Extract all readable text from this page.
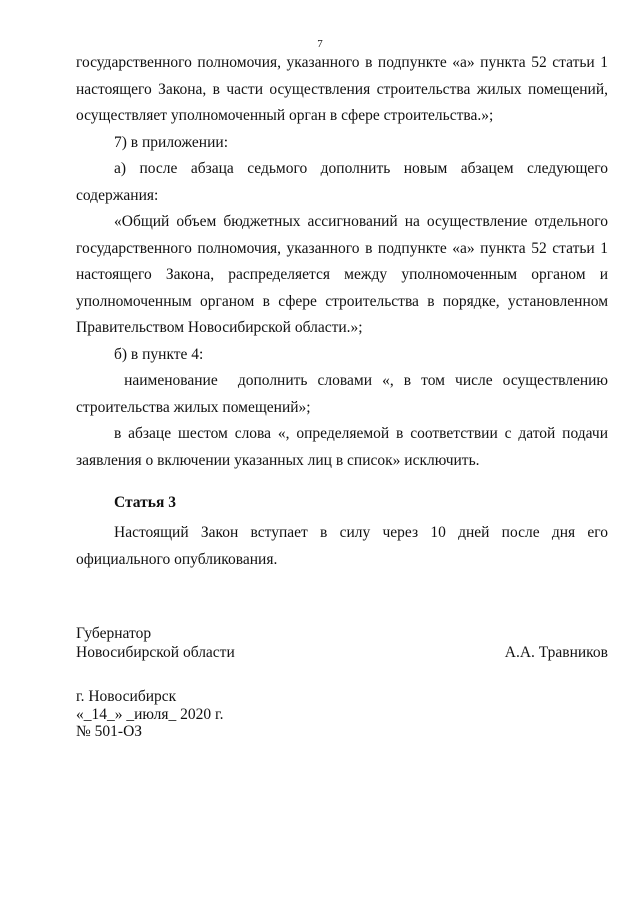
7

государственного полномочия, указанного в подпункте «а» пункта 52 статьи 1 настоящего Закона, в части осуществления строительства жилых помещений, осуществляет уполномоченный орган в сфере строительства.»;

7) в приложении:

а) после абзаца седьмого дополнить новым абзацем следующего содержания:

«Общий объем бюджетных ассигнований на осуществление отдельного государственного полномочия, указанного в подпункте «а» пункта 52 статьи 1 настоящего Закона, распределяется между уполномоченным органом и уполномоченным органом в сфере строительства в порядке, установленном Правительством Новосибирской области.»;

б) в пункте 4:

наименование  дополнить словами «, в том числе осуществлению строительства жилых помещений»;

в абзаце шестом слова «, определяемой в соответствии с датой подачи заявления о включении указанных лиц в список» исключить.

Статья 3

Настоящий Закон вступает в силу через 10 дней после дня его официального опубликования.

Губернатор
Новосибирской области	А.А. Травников
г. Новосибирск
«_14_» _июля_ 2020 г.
№ 501-ОЗ
